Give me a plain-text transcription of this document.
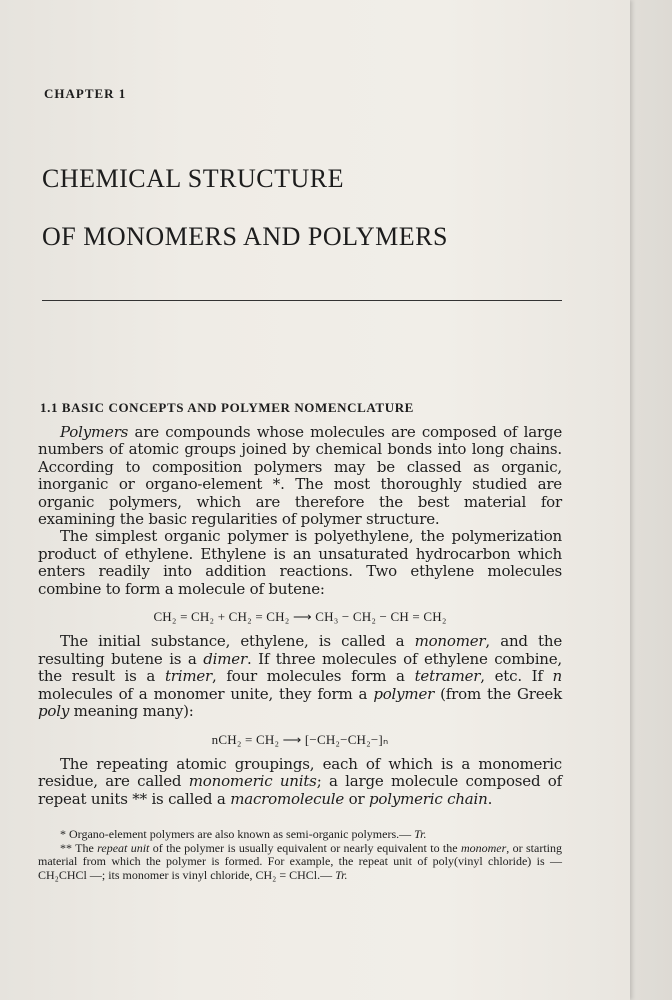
CHAPTER 1
CHEMICAL STRUCTURE
OF MONOMERS AND POLYMERS
1.1 BASIC CONCEPTS AND POLYMER NOMENCLATURE

Polymers are compounds whose molecules are composed of large numbers of atomic groups joined by chemical bonds into long chains. According to composition polymers may be classed as organic, inorganic or organo-element *. The most thoroughly studied are organic polymers, which are therefore the best material for examining the basic regularities of polymer structure.

The simplest organic polymer is polyethylene, the polymerization product of ethylene. Ethylene is an unsaturated hydrocarbon which enters readily into addition reactions. Two ethylene molecules combine to form a molecule of butene:

CH₂ = CH₂ + CH₂ = CH₂ ⟶ CH₃ − CH₂ − CH = CH₂

The initial substance, ethylene, is called a monomer, and the resulting butene is a dimer. If three molecules of ethylene combine, the result is a trimer, four molecules form a tetramer, etc. If n molecules of a monomer unite, they form a polymer (from the Greek poly meaning many):

nCH₂ = CH₂ ⟶ [−CH₂−CH₂−]ₙ

The repeating atomic groupings, each of which is a monomeric residue, are called monomeric units; a large molecule composed of repeat units ** is called a macromolecule or polymeric chain.

* Organo-element polymers are also known as semi-organic polymers.— Tr.

** The repeat unit of the polymer is usually equivalent or nearly equivalent to the monomer, or starting material from which the polymer is formed. For example, the repeat unit of poly(vinyl chloride) is — CH₂CHCl —; its monomer is vinyl chloride, CH₂ = CHCl.— Tr.
